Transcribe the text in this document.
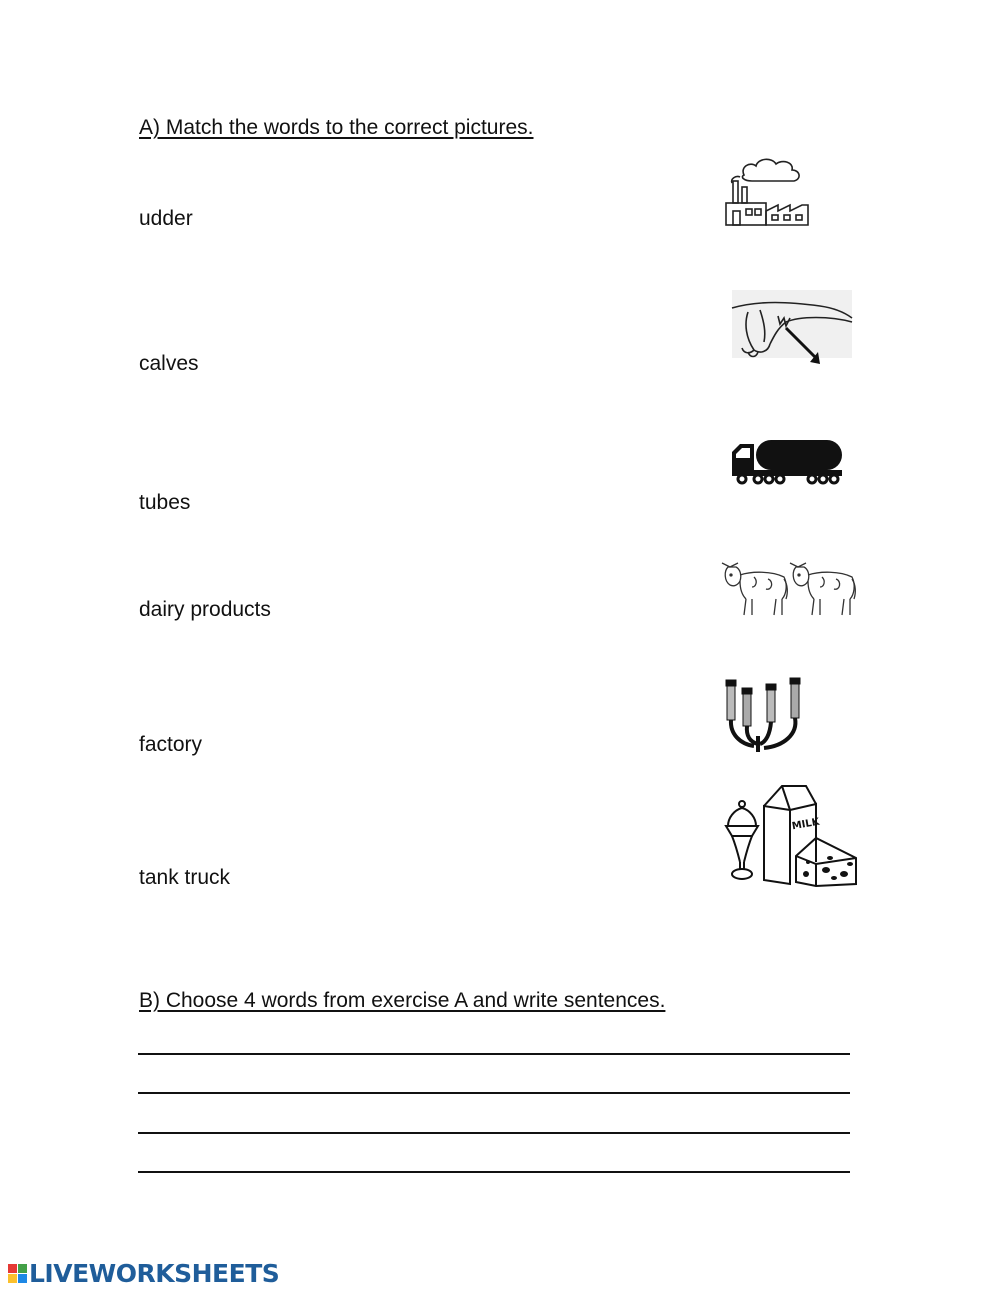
A) Match the words to the correct pictures.
udder
calves
tubes
dairy products
factory
tank truck
MILK
B) Choose 4 words from exercise A and write sentences.
LIVEWORKSHEETS
